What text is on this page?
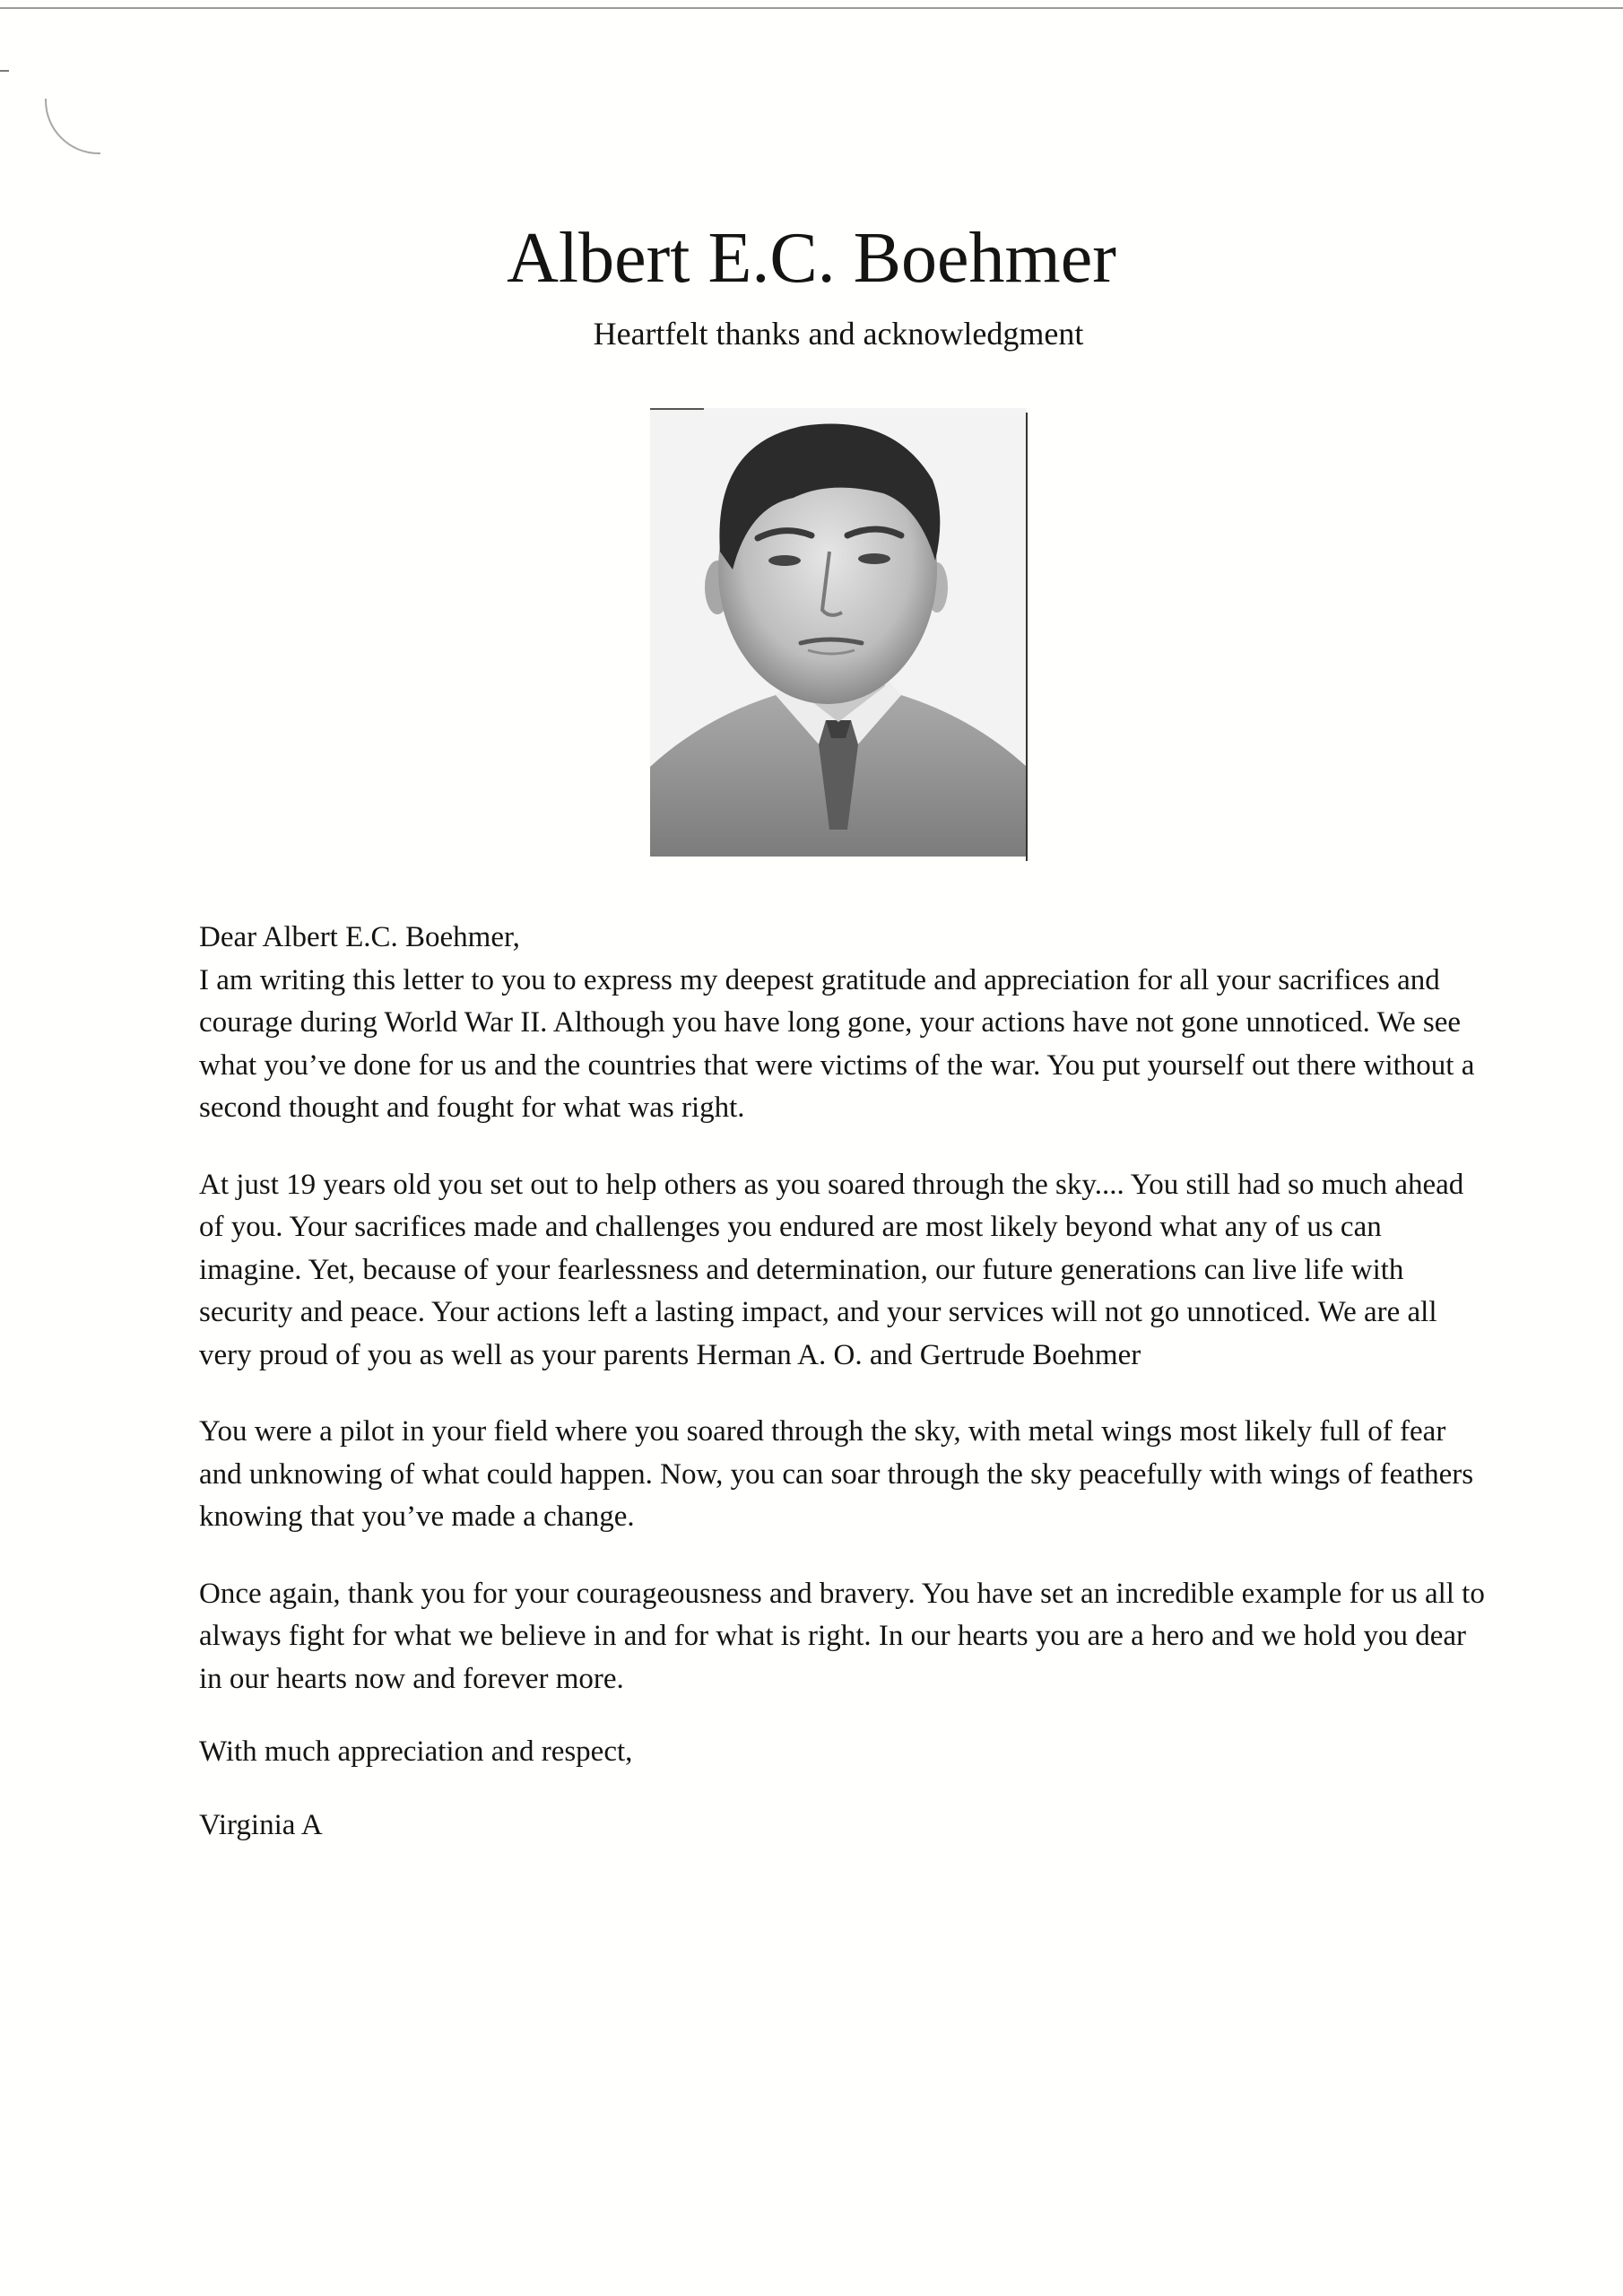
Albert E.C. Boehmer

Heartfelt thanks and acknowledgment

Dear Albert E.C. Boehmer,

I am writing this letter to you to express my deepest gratitude and appreciation for all your sacrifices and courage during World War II. Although you have long gone, your actions have not gone unnoticed. We see what you’ve done for us and the countries that were victims of the war. You put yourself out there without a second thought and fought for what was right.

At just 19 years old you set out to help others as you soared through the sky.... You still had so much ahead of you. Your sacrifices made and challenges you endured are most likely beyond what any of us can imagine. Yet, because of your fearlessness and determination, our future generations can live life with security and peace. Your actions left a lasting impact, and your services will not go unnoticed. We are all very proud of you as well as your parents Herman A. O. and Gertrude Boehmer

You were a pilot in your field where you soared through the sky, with metal wings most likely full of fear and unknowing of what could happen. Now, you can soar through the sky peacefully with wings of feathers knowing that you’ve made a change.

Once again, thank you for your courageousness and bravery. You have set an incredible example for us all to always fight for what we believe in and for what is right. In our hearts you are a hero and we hold you dear in our hearts now and forever more.

With much appreciation and respect,

Virginia A
